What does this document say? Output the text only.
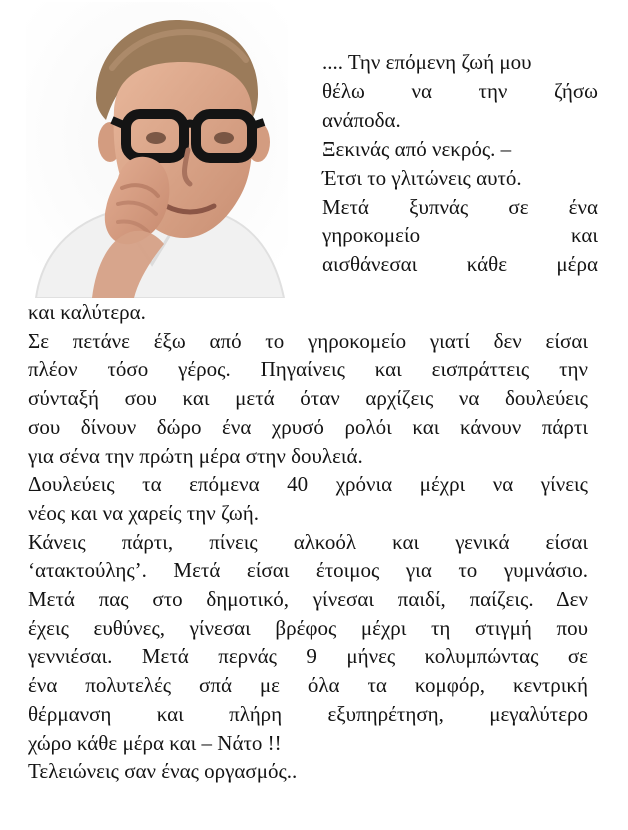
.... Την επόμενη ζωή μου
θέλω να την ζήσω
ανάποδα.
Ξεκινάς από νεκρός. –
Έτσι το γλιτώνεις αυτό.
Μετά ξυπνάς σε ένα
γηροκομείο και
αισθάνεσαι κάθε μέρα
και καλύτερα.
Σε πετάνε έξω από το γηροκομείο γιατί δεν είσαι
πλέον τόσο γέρος. Πηγαίνεις και εισπράττεις την
σύνταξή σου και μετά όταν αρχίζεις να δουλεύεις
σου δίνουν δώρο ένα χρυσό ρολόι και κάνουν πάρτι
για σένα την πρώτη μέρα στην δουλειά.
Δουλεύεις τα επόμενα 40 χρόνια μέχρι να γίνεις
νέος και να χαρείς την ζωή.
Κάνεις πάρτι, πίνεις αλκοόλ και γενικά είσαι
‘ατακτούλης’. Μετά είσαι έτοιμος για το γυμνάσιο.
Μετά πας στο δημοτικό, γίνεσαι παιδί, παίζεις. Δεν
έχεις ευθύνες, γίνεσαι βρέφος μέχρι τη στιγμή που
γεννιέσαι. Μετά περνάς 9 μήνες κολυμπώντας σε
ένα πολυτελές σπά με όλα τα κομφόρ, κεντρική
θέρμανση και πλήρη εξυπηρέτηση, μεγαλύτερο
χώρο κάθε μέρα και – Νάτο !!
Τελειώνεις σαν ένας οργασμός..
